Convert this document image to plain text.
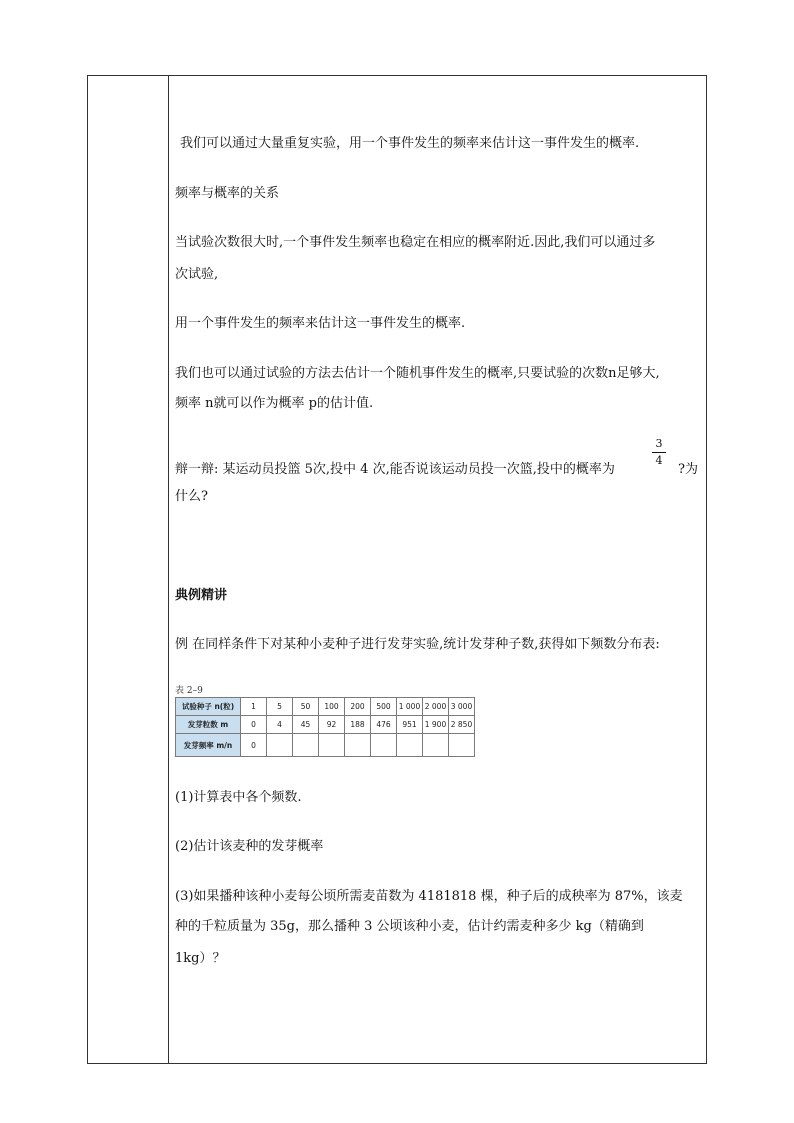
我们可以通过大量重复实验，用一个事件发生的频率来估计这一事件发生的概率.
频率与概率的关系
当试验次数很大时,一个事件发生频率也稳定在相应的概率附近.因此,我们可以通过多
次试验,
用一个事件发生的频率来估计这一事件发生的概率.
我们也可以通过试验的方法去估计一个随机事件发生的概率,只要试验的次数n足够大,
频率 n就可以作为概率 p的估计值.
辩一辩: 某运动员投篮 5次,投中 4 次,能否说该运动员投一次篮,投中的概率为
3
4
?为
什么?
典例精讲
例 在同样条件下对某种小麦种子进行发芽实验,统计发芽种子数,获得如下频数分布表:
表 2–9
试验种子 n(粒)	1	5	50	100	200	500	1 000	2 000	3 000
发芽粒数 m	0	4	45	92	188	476	951	1 900	2 850
发芽频率 m/n	0								
(1)计算表中各个频数.
(2)估计该麦种的发芽概率
(3)如果播种该种小麦每公顷所需麦苗数为 4181818 棵，种子后的成秧率为 87%，该麦
种的千粒质量为 35g，那么播种 3 公顷该种小麦，估计约需麦种多少 kg（精确到
1kg）？
